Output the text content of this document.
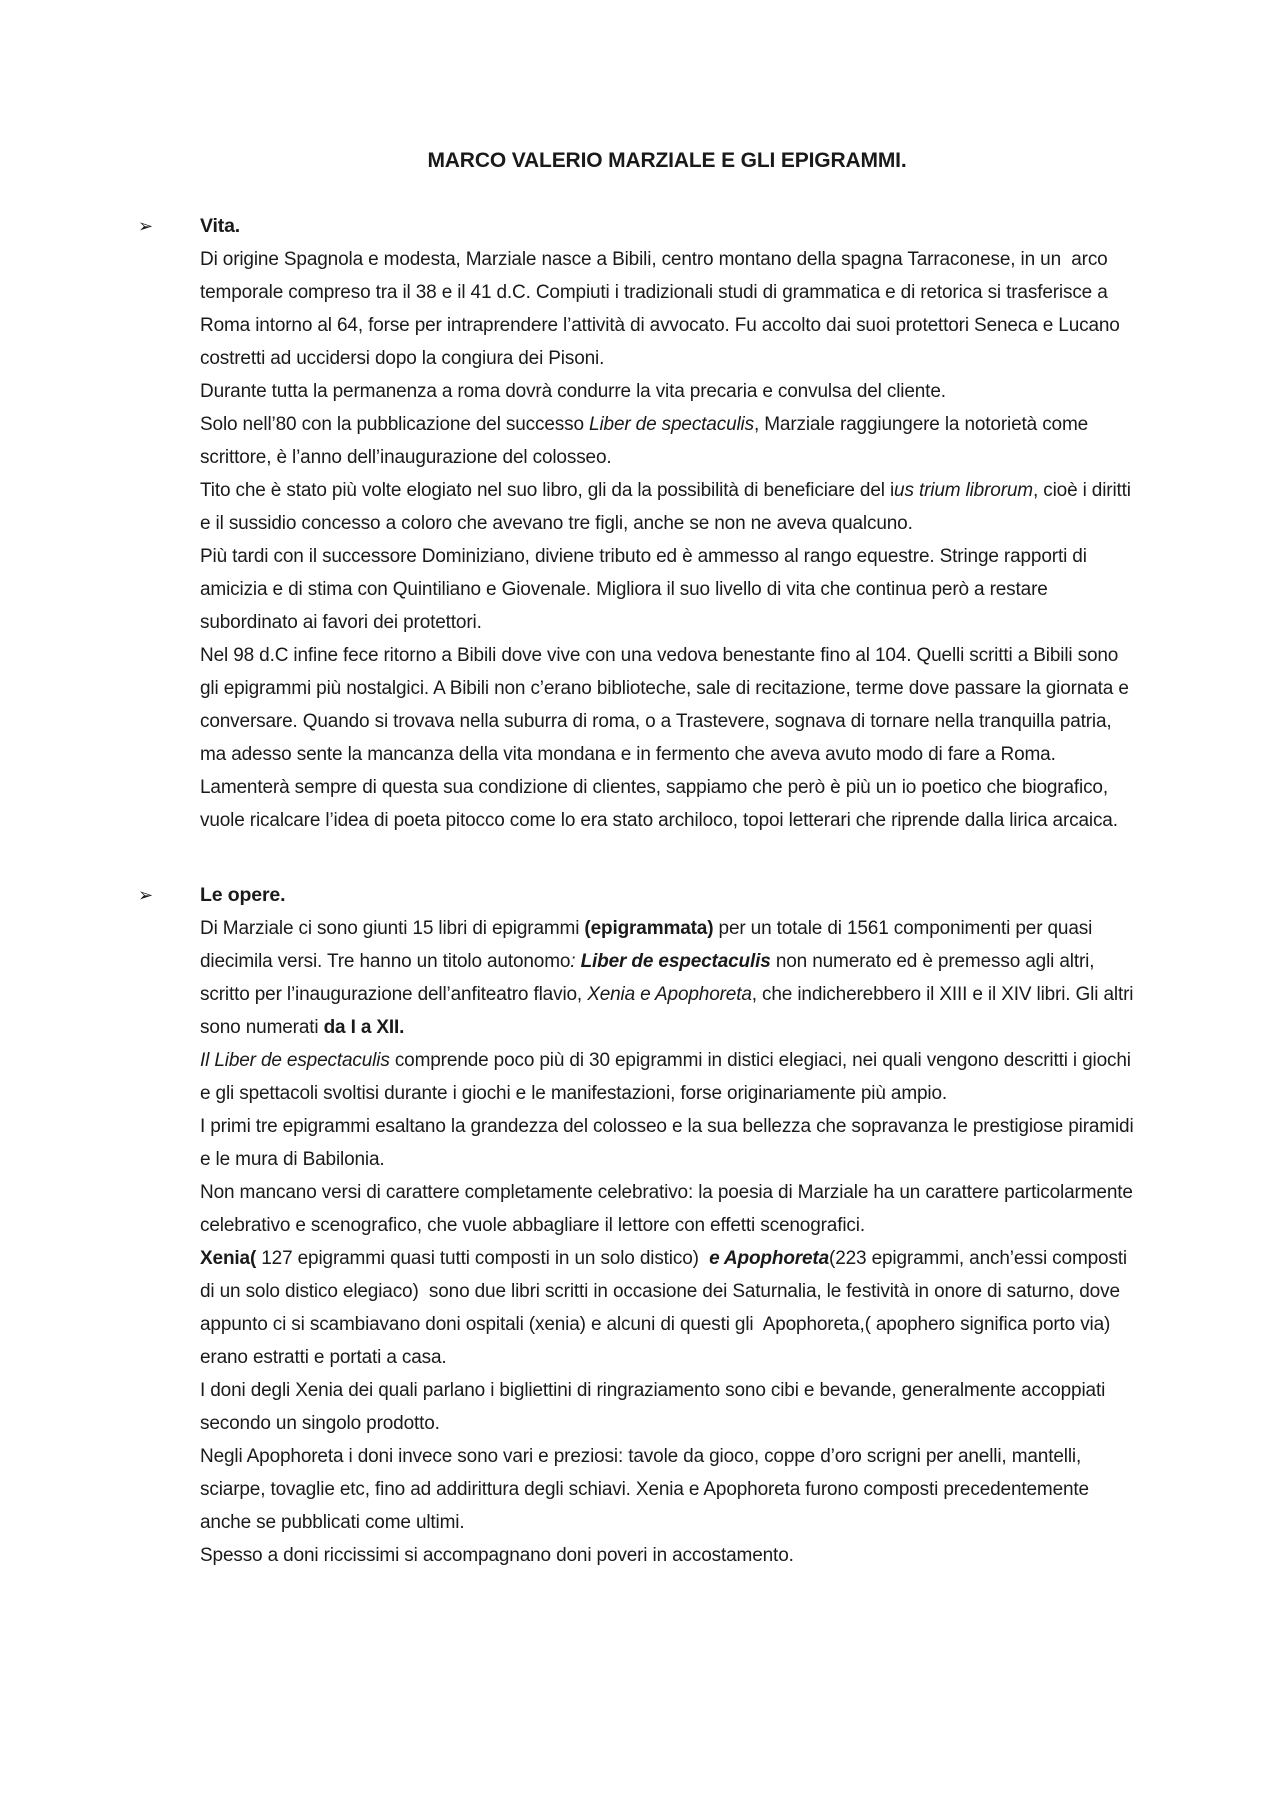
MARCO VALERIO MARZIALE E GLI EPIGRAMMI.
➢ Vita.

Di origine Spagnola e modesta, Marziale nasce a Bibili, centro montano della spagna Tarraconese, in un  arco temporale compreso tra il 38 e il 41 d.C. Compiuti i tradizionali studi di grammatica e di retorica si trasferisce a Roma intorno al 64, forse per intraprendere l’attività di avvocato. Fu accolto dai suoi protettori Seneca e Lucano costretti ad uccidersi dopo la congiura dei Pisoni.

Durante tutta la permanenza a roma dovrà condurre la vita precaria e convulsa del cliente.

Solo nell’80 con la pubblicazione del successo Liber de spectaculis, Marziale raggiungere la notorietà come scrittore, è l’anno dell’inaugurazione del colosseo.

Tito che è stato più volte elogiato nel suo libro, gli da la possibilità di beneficiare del ius trium librorum, cioè i diritti e il sussidio concesso a coloro che avevano tre figli, anche se non ne aveva qualcuno.

Più tardi con il successore Dominiziano, diviene tributo ed è ammesso al rango equestre. Stringe rapporti di amicizia e di stima con Quintiliano e Giovenale. Migliora il suo livello di vita che continua però a restare subordinato ai favori dei protettori.

Nel 98 d.C infine fece ritorno a Bibili dove vive con una vedova benestante fino al 104. Quelli scritti a Bibili sono gli epigrammi più nostalgici. A Bibili non c’erano biblioteche, sale di recitazione, terme dove passare la giornata e conversare. Quando si trovava nella suburra di roma, o a Trastevere, sognava di tornare nella tranquilla patria, ma adesso sente la mancanza della vita mondana e in fermento che aveva avuto modo di fare a Roma. Lamenterà sempre di questa sua condizione di clientes, sappiamo che però è più un io poetico che biografico, vuole ricalcare l’idea di poeta pitocco come lo era stato archiloco, topoi letterari che riprende dalla lirica arcaica.

➢ Le opere.

Di Marziale ci sono giunti 15 libri di epigrammi (epigrammata) per un totale di 1561 componimenti per quasi diecimila versi. Tre hanno un titolo autonomo: Liber de espectaculis non numerato ed è premesso agli altri, scritto per l’inaugurazione dell’anfiteatro flavio, Xenia e Apophoreta, che indicherebbero il XIII e il XIV libri. Gli altri sono numerati da I a XII.

Il Liber de espectaculis comprende poco più di 30 epigrammi in distici elegiaci, nei quali vengono descritti i giochi e gli spettacoli svoltisi durante i giochi e le manifestazioni, forse originariamente più ampio.

I primi tre epigrammi esaltano la grandezza del colosseo e la sua bellezza che sopravanza le prestigiose piramidi e le mura di Babilonia.

Non mancano versi di carattere completamente celebrativo: la poesia di Marziale ha un carattere particolarmente celebrativo e scenografico, che vuole abbagliare il lettore con effetti scenografici.

Xenia( 127 epigrammi quasi tutti composti in un solo distico)  e Apophoreta(223 epigrammi, anch’essi composti di un solo distico elegiaco)  sono due libri scritti in occasione dei Saturnalia, le festività in onore di saturno, dove appunto ci si scambiavano doni ospitali (xenia) e alcuni di questi gli  Apophoreta,( apophero significa porto via) erano estratti e portati a casa.

I doni degli Xenia dei quali parlano i bigliettini di ringraziamento sono cibi e bevande, generalmente accoppiati secondo un singolo prodotto.

Negli Apophoreta i doni invece sono vari e preziosi: tavole da gioco, coppe d’oro scrigni per anelli, mantelli, sciarpe, tovaglie etc, fino ad addirittura degli schiavi. Xenia e Apophoreta furono composti precedentemente anche se pubblicati come ultimi.

Spesso a doni riccissimi si accompagnano doni poveri in accostamento.
